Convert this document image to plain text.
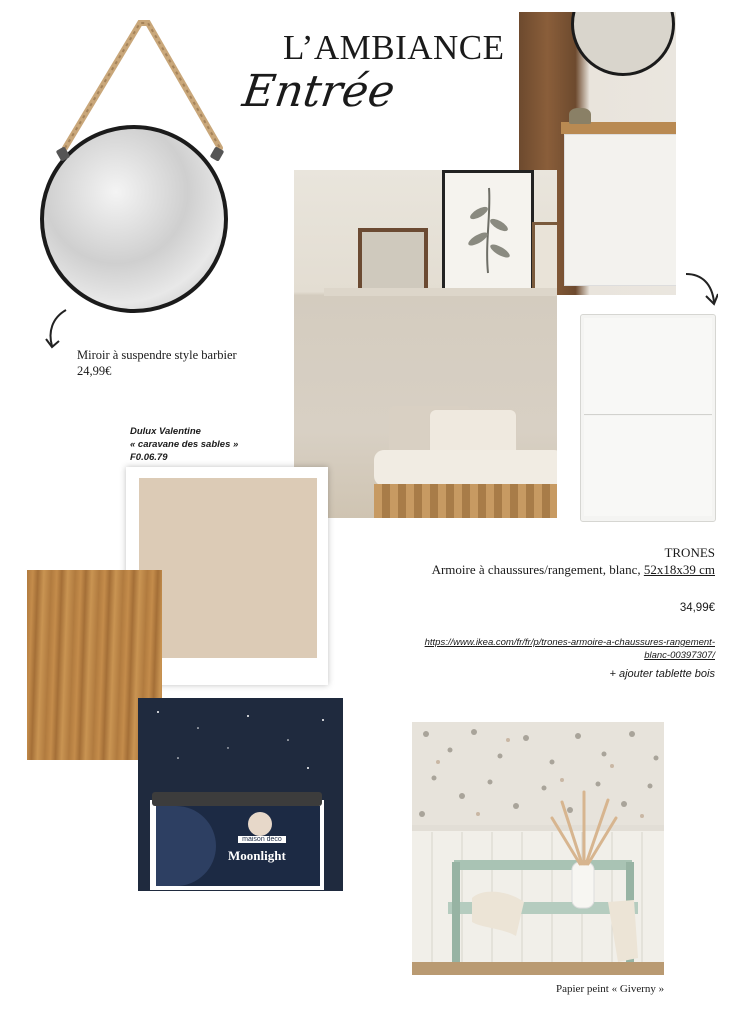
L’AMBIANCE
Entrée
Miroir à suspendre style barbier
24,99€
TRONES
Armoire à chaussures/rangement, blanc, 52x18x39 cm
34,99€
https://www.ikea.com/fr/fr/p/trones-armoire-a-chaussures-rangement-
blanc-00397307/
+ ajouter tablette bois
Dulux Valentine
« caravane des sables »
F0.06.79
maison deco
Moonlight
Papier peint « Giverny »
